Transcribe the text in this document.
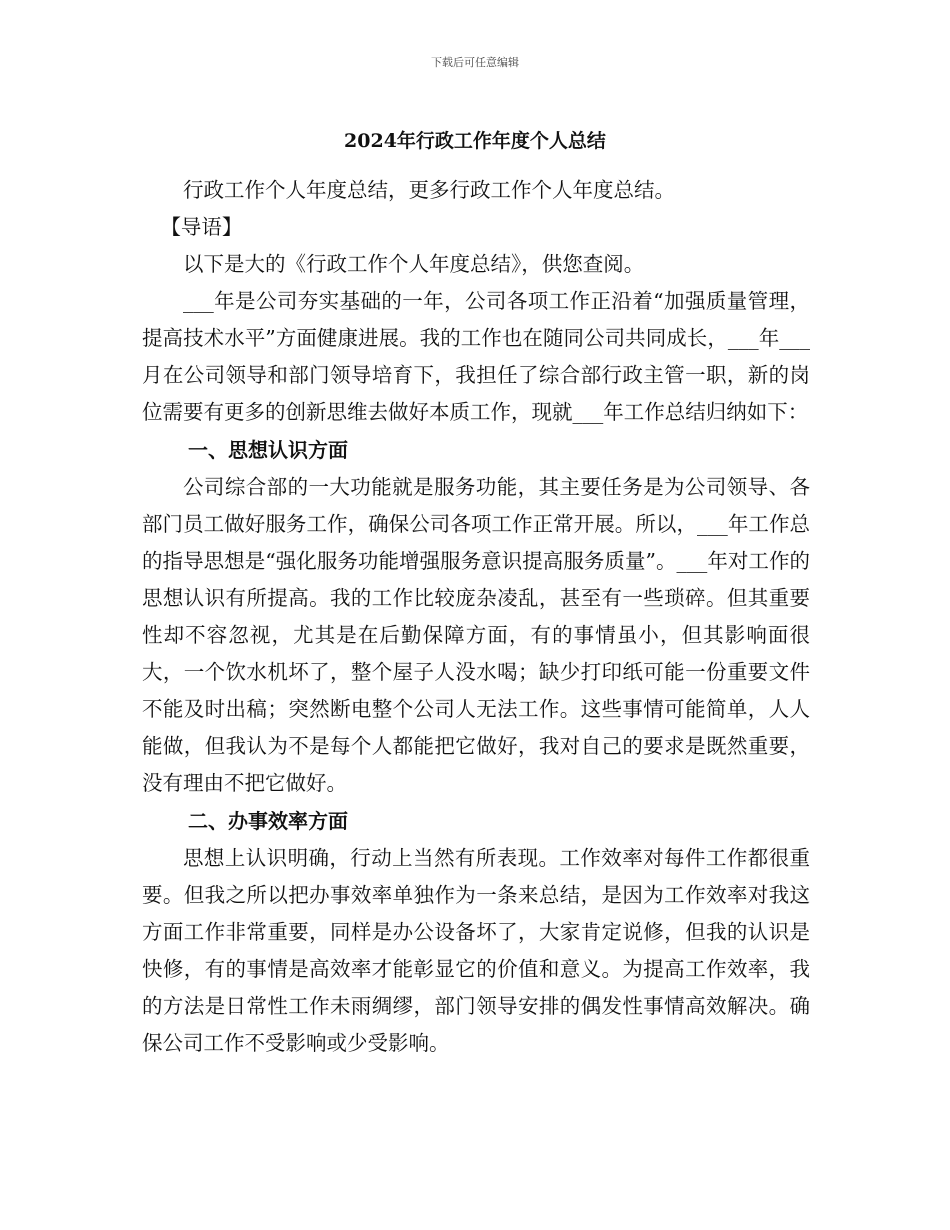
下载后可任意编辑
2024年行政工作年度个人总结

行政工作个人年度总结，更多行政工作个人年度总结。

【导语】

以下是大的《行政工作个人年度总结》，供您查阅。

___年是公司夯实基础的一年，公司各项工作正沿着“加强质量管理，提高技术水平”方面健康进展。我的工作也在随同公司共同成长，___年___月在公司领导和部门领导培育下，我担任了综合部行政主管一职，新的岗位需要有更多的创新思维去做好本质工作，现就___年工作总结归纳如下：

一、思想认识方面

公司综合部的一大功能就是服务功能，其主要任务是为公司领导、各部门员工做好服务工作，确保公司各项工作正常开展。所以，___年工作总的指导思想是“强化服务功能增强服务意识提高服务质量”。___年对工作的思想认识有所提高。我的工作比较庞杂凌乱，甚至有一些琐碎。但其重要性却不容忽视，尤其是在后勤保障方面，有的事情虽小，但其影响面很大，一个饮水机坏了，整个屋子人没水喝；缺少打印纸可能一份重要文件不能及时出稿；突然断电整个公司人无法工作。这些事情可能简单，人人能做，但我认为不是每个人都能把它做好，我对自己的要求是既然重要，没有理由不把它做好。

二、办事效率方面

思想上认识明确，行动上当然有所表现。工作效率对每件工作都很重要。但我之所以把办事效率单独作为一条来总结，是因为工作效率对我这方面工作非常重要，同样是办公设备坏了，大家肯定说修，但我的认识是快修，有的事情是高效率才能彰显它的价值和意义。为提高工作效率，我的方法是日常性工作未雨绸缪，部门领导安排的偶发性事情高效解决。确保公司工作不受影响或少受影响。
